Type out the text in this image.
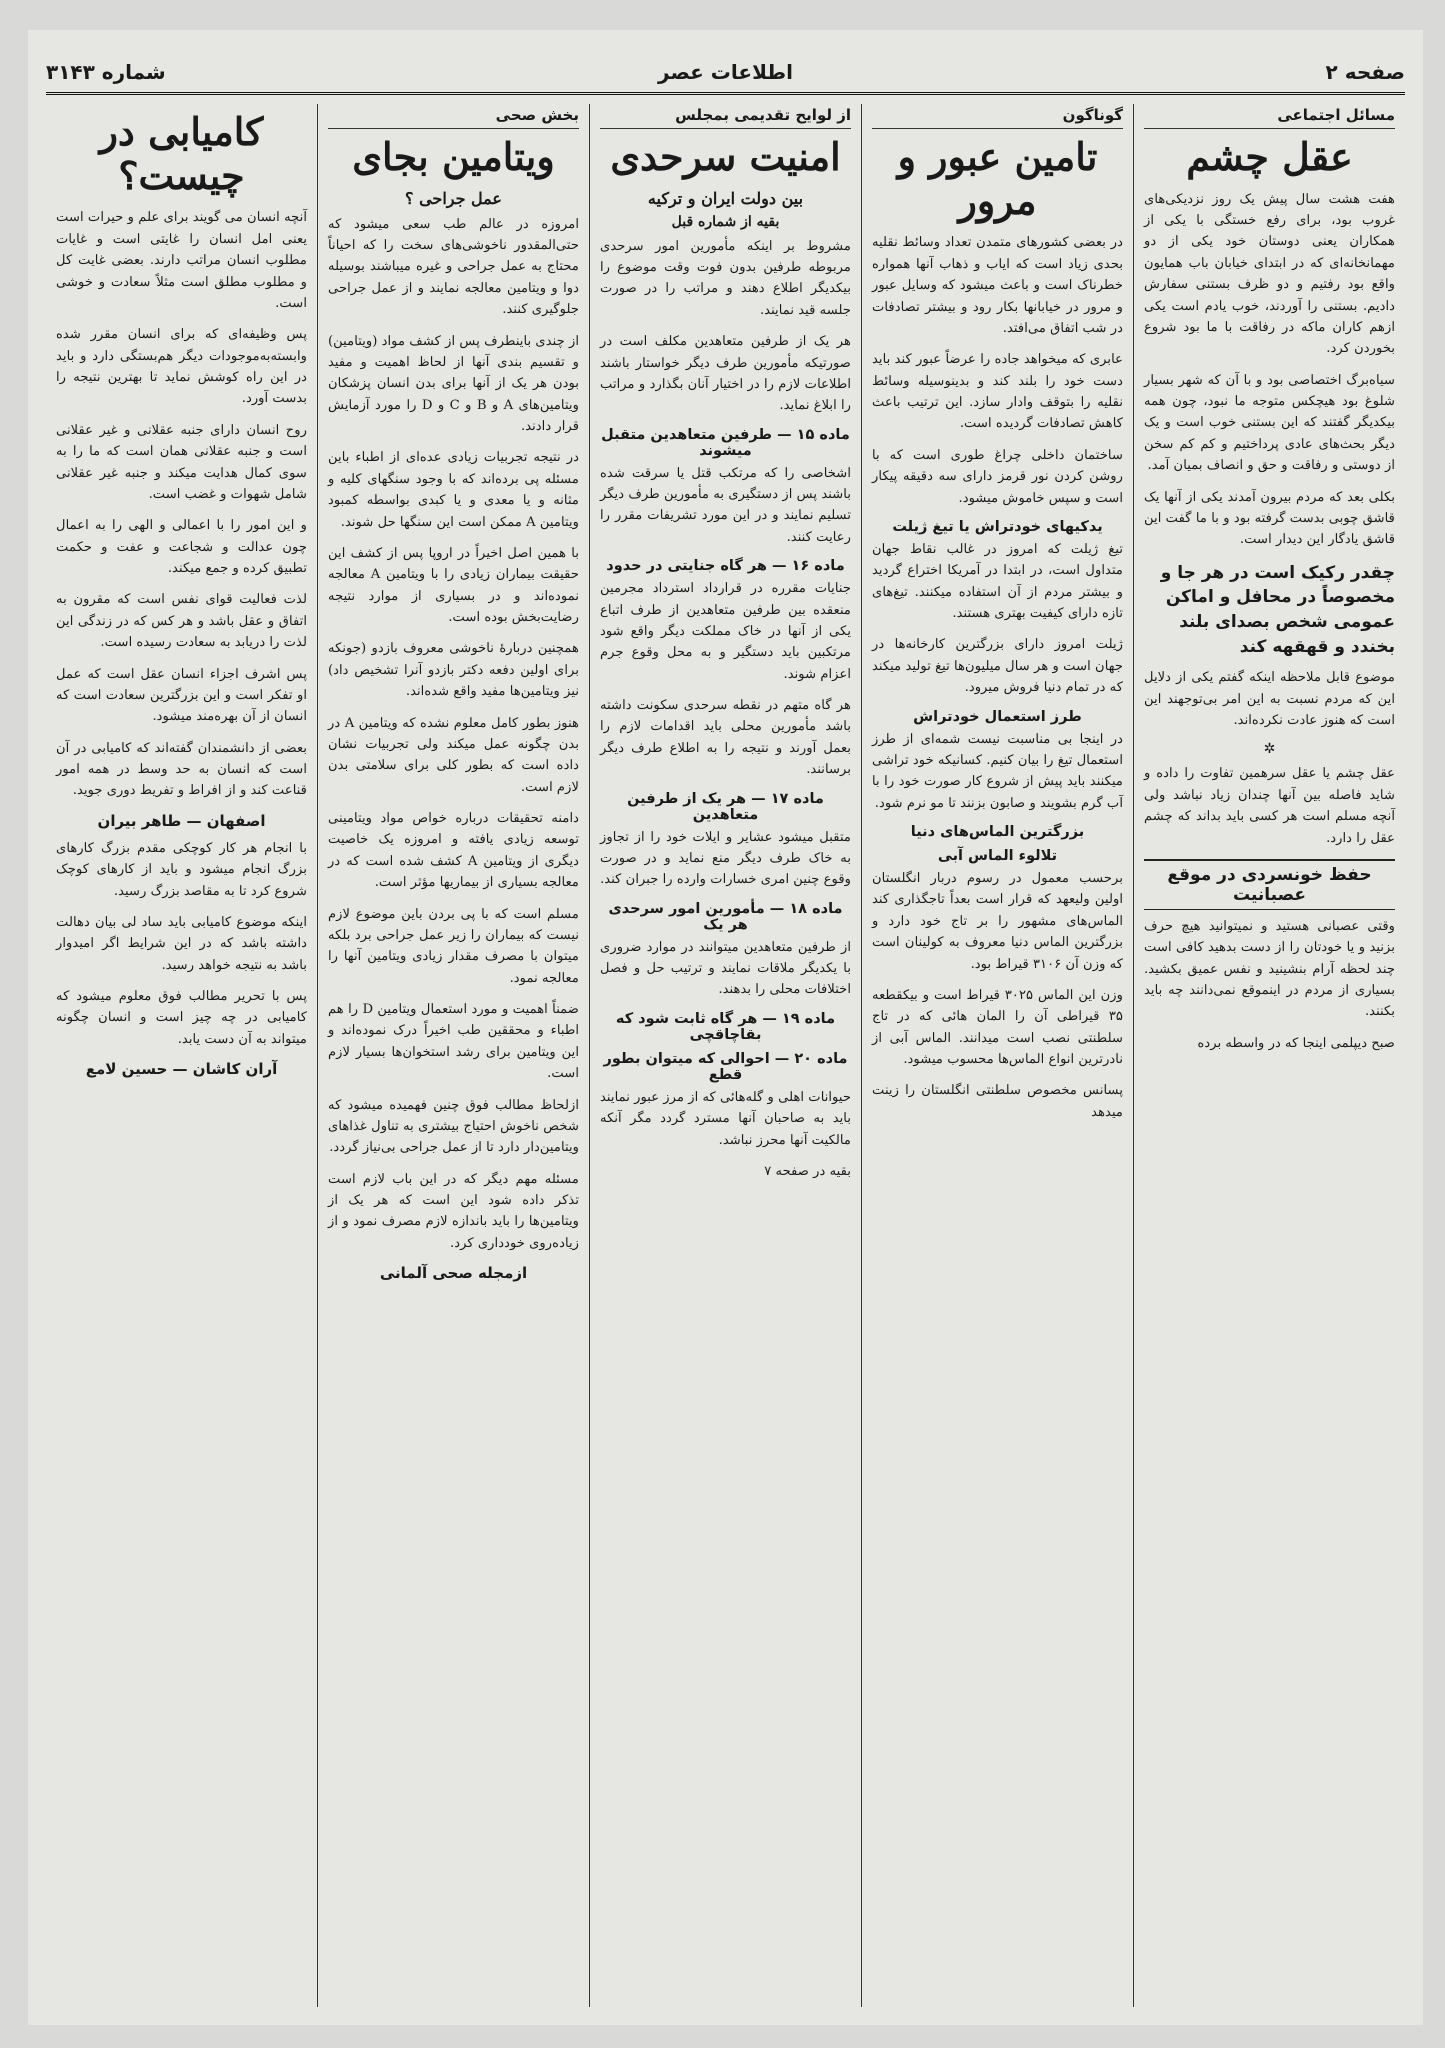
صفحه ۲
اطلاعات عصر
شماره ۳۱۴۳
مسائل اجتماعی
عقل چشم

هفت هشت سال پیش یک روز نزدیکی‌های غروب بود، برای رفع خستگی با یکی از همکاران یعنی دوستان خود یکی از دو مهمانخانه‌ای که در ابتدای خیابان باب همایون واقع بود رفتیم و دو ظرف بستنی سفارش دادیم. بستنی را آوردند، خوب یادم است یکی ازهم کاران ماکه در رفاقت با ما بود شروع بخوردن کرد.

سیاه‌برگ اختصاصی بود و با آن که شهر بسیار شلوغ بود هیچکس متوجه ما نبود، چون همه بیکدیگر گفتند که این بستنی خوب است و یک دیگر بحث‌های عادی پرداختیم و کم کم سخن از دوستی و رفاقت و حق و انصاف بمیان آمد.

بکلی بعد که مردم بیرون آمدند یکی از آنها یک قاشق چوبی بدست گرفته بود و با ما گفت این قاشق یادگار این دیدار است.

چقدر رکیک است در هر جا و مخصوصاً در محافل و اماکن عمومی شخص بصدای بلند بخندد و قهقهه کند

موضوع قابل ملاحظه اینکه گفتم یکی از دلایل این که مردم نسبت به این امر بی‌توجهند این است که هنوز عادت نکرده‌اند.

✲

عقل چشم یا عقل سرهمین تفاوت را داده و شاید فاصله بین آنها چندان زیاد نباشد ولی آنچه مسلم است هر کسی باید بداند که چشم عقل را دارد.

حفظ خونسردی در موقع عصبانیت

وقتی عصبانی هستید و نمیتوانید هیچ حرف بزنید و یا خودتان را از دست بدهید کافی است چند لحظه آرام بنشینید و نفس عمیق بکشید. بسیاری از مردم در اینموقع نمی‌دانند چه باید بکنند.

صبح دیپلمی اینجا که در واسطه برده

گوناگون
تامین عبور و مرور

در بعضی کشورهای متمدن تعداد وسائط نقلیه بحدی زیاد است که ایاب و ذهاب آنها همواره خطرناک است و باعث میشود که وسایل عبور و مرور در خیابانها بکار رود و بیشتر تصادفات در شب اتفاق می‌افتد.

عابری که میخواهد جاده را عرضاً عبور کند باید دست خود را بلند کند و بدینوسیله وسائط نقلیه را بتوقف وادار سازد. این ترتیب باعث کاهش تصادفات گردیده است.

ساختمان داخلی چراغ طوری است که با روشن کردن نور قرمز دارای سه دقیقه پیکار است و سپس خاموش میشود.

یدکیهای خودتراش یا تیغ ژیلت

تیغ ژیلت که امروز در غالب نقاط جهان متداول است، در ابتدا در آمریکا اختراع گردید و بیشتر مردم از آن استفاده میکنند. تیغ‌های تازه دارای کیفیت بهتری هستند.

ژیلت امروز دارای بزرگترین کارخانه‌ها در جهان است و هر سال میلیون‌ها تیغ تولید میکند که در تمام دنیا فروش میرود.

طرز استعمال خودتراش

در اینجا بی مناسبت نیست شمه‌ای از طرز استعمال تیغ را بیان کنیم. کسانیکه خود تراشی میکنند باید پیش از شروع کار صورت خود را با آب گرم بشویند و صابون بزنند تا مو نرم شود.

بزرگترین الماس‌های دنیا
تلالوء الماس آبی

برحسب معمول در رسوم دربار انگلستان اولین ولیعهد که قرار است بعداً تاجگذاری کند الماس‌های مشهور را بر تاج خود دارد و بزرگترین الماس دنیا معروف به کولینان است که وزن آن ۳۱۰۶ قیراط بود.

وزن این الماس ۳۰۲۵ قیراط است و بیکقطعه ۳۵ قیراطی آن را المان هائی که در تاج سلطنتی نصب است میدانند. الماس آبی از نادرترین انواع الماس‌ها محسوب میشود.

پسانس مخصوص سلطنتی انگلستان را زینت میدهد

از لوایح تقدیمی بمجلس
امنیت سرحدی
بین دولت ایران و ترکیه
بقیه از شماره قبل

مشروط بر اینکه مأمورین امور سرحدی مربوطه طرفین بدون فوت وقت موضوع را بیکدیگر اطلاع دهند و مراتب را در صورت جلسه قید نمایند.

هر یک از طرفین متعاهدین مکلف است در صورتیکه مأمورین طرف دیگر خواستار باشند اطلاعات لازم را در اختیار آنان بگذارد و مراتب را ابلاغ نماید.

ماده ۱۵ — طرفین متعاهدین متقبل میشوند

اشخاصی را که مرتکب قتل یا سرقت شده باشند پس از دستگیری به مأمورین طرف دیگر تسلیم نمایند و در این مورد تشریفات مقرر را رعایت کنند.

ماده ۱۶ — هر گاه جنایتی در حدود

جنایات مقرره در قرارداد استرداد مجرمین منعقده بین طرفین متعاهدین از طرف اتباع یکی از آنها در خاک مملکت دیگر واقع شود مرتکبین باید دستگیر و به محل وقوع جرم اعزام شوند.

هر گاه متهم در نقطه سرحدی سکونت داشته باشد مأمورین محلی باید اقدامات لازم را بعمل آورند و نتیجه را به اطلاع طرف دیگر برسانند.

ماده ۱۷ — هر یک از طرفین متعاهدین

متقبل میشود عشایر و ایلات خود را از تجاوز به خاک طرف دیگر منع نماید و در صورت وقوع چنین امری خسارات وارده را جبران کند.

ماده ۱۸ — مأمورین امور سرحدی هر یک

از طرفین متعاهدین میتوانند در موارد ضروری با یکدیگر ملاقات نمایند و ترتیب حل و فصل اختلافات محلی را بدهند.

ماده ۱۹ — هر گاه ثابت شود که بقاچاقچی
ماده ۲۰ — احوالی که میتوان بطور قطع

حیوانات اهلی و گله‌هائی که از مرز عبور نمایند باید به صاحبان آنها مسترد گردد مگر آنکه مالکیت آنها محرز نباشد.

بقیه در صفحه ۷

بخش صحی
ویتامین بجای
عمل جراحی ؟

امروزه در عالم طب سعی میشود که حتی‌المقدور ناخوشی‌های سخت را که احیاناً محتاج به عمل جراحی و غیره میباشند بوسیله دوا و ویتامین معالجه نمایند و از عمل جراحی جلوگیری کنند.

از چندی باینطرف پس از کشف مواد (ویتامین) و تقسیم بندی آنها از لحاظ اهمیت و مفید بودن هر یک از آنها برای بدن انسان پزشکان ویتامین‌های A و B و C و D را مورد آزمایش قرار دادند.

در نتیجه تجربیات زیادی عده‌ای از اطباء باین مسئله پی برده‌اند که با وجود سنگهای کلیه و مثانه و یا معدی و یا کبدی بواسطه کمبود ویتامین A ممکن است این سنگها حل شوند.

با همین اصل اخیراً در اروپا پس از کشف این حقیقت بیماران زیادی را با ویتامین A معالجه نموده‌اند و در بسیاری از موارد نتیجه رضایت‌بخش بوده است.

همچنین دربارهٔ ناخوشی معروف بازدو (جونکه برای اولین دفعه دکتر بازدو آنرا تشخیص داد) نیز ویتامین‌ها مفید واقع شده‌اند.

هنوز بطور کامل معلوم نشده که ویتامین A در بدن چگونه عمل میکند ولی تجربیات نشان داده است که بطور کلی برای سلامتی بدن لازم است.

دامنه تحقیقات درباره خواص مواد ویتامینی توسعه زیادی یافته و امروزه یک خاصیت دیگری از ویتامین A کشف شده است که در معالجه بسیاری از بیماریها مؤثر است.

مسلم است که با پی بردن باین موضوع لازم نیست که بیماران را زیر عمل جراحی برد بلکه میتوان با مصرف مقدار زیادی ویتامین آنها را معالجه نمود.

ضمناً اهمیت و مورد استعمال ویتامین D را هم اطباء و محققین طب اخیراً درک نموده‌اند و این ویتامین برای رشد استخوان‌ها بسیار لازم است.

ازلحاظ مطالب فوق چنین فهمیده میشود که شخص ناخوش احتیاج بیشتری به تناول غذاهای ویتامین‌دار دارد تا از عمل جراحی بی‌نیاز گردد.

مسئله مهم دیگر که در این باب لازم است تذکر داده شود این است که هر یک از ویتامین‌ها را باید باندازه لازم مصرف نمود و از زیاده‌روی خودداری کرد.

ازمجله صحی آلمانی
کامیابی در چیست؟

آنچه انسان می گویند برای علم و حیرات است یعنی امل انسان را غایتی است و غایات مطلوب انسان مراتب دارند. بعضی غایت کل و مطلوب مطلق است مثلاً سعادت و خوشی است.

پس وظیفه‌ای که برای انسان مقرر شده وابسته‌به‌موجودات دیگر هم‌بستگی دارد و باید در این راه کوشش نماید تا بهترین نتیجه را بدست آورد.

روح انسان دارای جنبه عقلانی و غیر عقلانی است و جنبه عقلانی همان است که ما را به سوی کمال هدایت میکند و جنبه غیر عقلانی شامل شهوات و غضب است.

و این امور را با اعمالی و الهی را به اعمال چون عدالت و شجاعت و عفت و حکمت تطبیق کرده و جمع میکند.

لذت فعالیت قوای نفس است که مقرون به اتفاق و عقل باشد و هر کس که در زندگی این لذت را دریابد به سعادت رسیده است.

پس اشرف اجزاء انسان عقل است که عمل او تفکر است و این بزرگترین سعادت است که انسان از آن بهره‌مند میشود.

بعضی از دانشمندان گفته‌اند که کامیابی در آن است که انسان به حد وسط در همه امور قناعت کند و از افراط و تفریط دوری جوید.

اصفهان — طاهر بیران

با انجام هر کار کوچکی مقدم بزرگ کارهای بزرگ انجام میشود و باید از کارهای کوچک شروع کرد تا به مقاصد بزرگ رسید.

اینکه موضوع کامیابی باید ساد لی بیان دهالت داشته باشد که در این شرایط اگر امیدوار باشد به نتیجه خواهد رسید.

پس با تحریر مطالب فوق معلوم میشود که کامیابی در چه چیز است و انسان چگونه میتواند به آن دست یابد.

آران کاشان — حسین لامع
